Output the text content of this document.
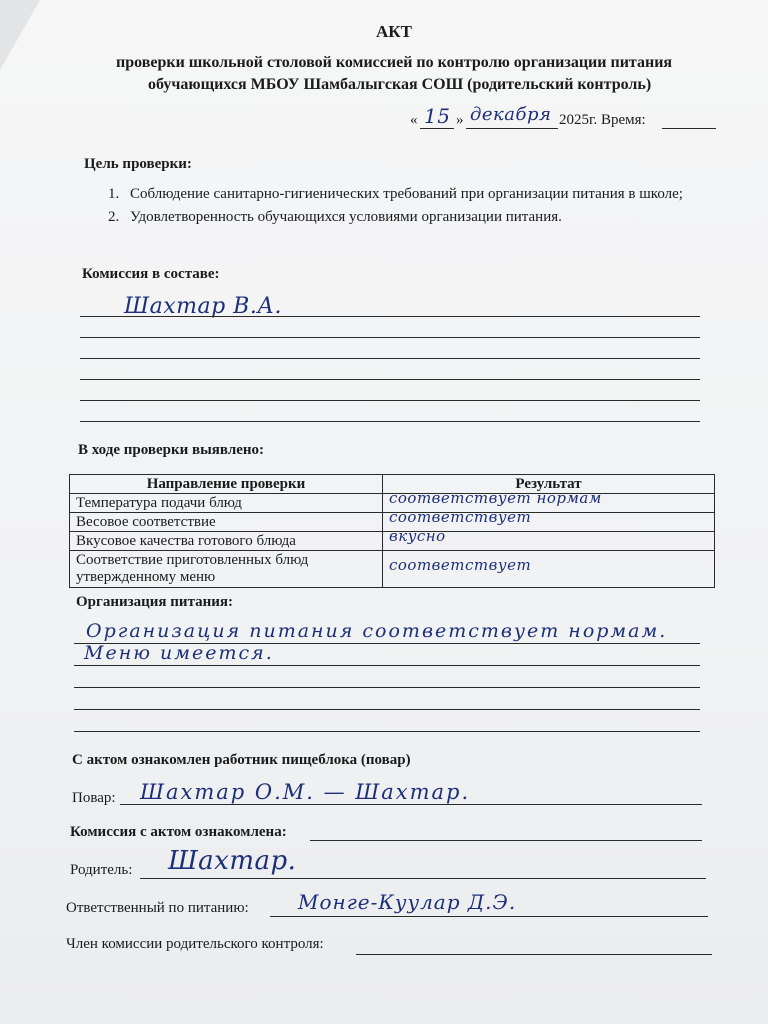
АКТ
проверки школьной столовой комиссией по контролю организации питания
обучающихся МБОУ Шамбалыгская СОШ (родительский контроль)
« 15 » декабря 2025г. Время:
Цель проверки:
1. Соблюдение санитарно-гигиенических требований при организации питания в школе;
2. Удовлетворенность обучающихся условиями организации питания.
Комиссия в составе:
Шахтар В.А.
В ходе проверки выявлено:
Направление проверки	Результат
Температура подачи блюд	соответствует нормам

Весовое соответствие	соответствует

Вкусовое качества готового блюда	вкусно

Соответствие приготовленных блюд
утвержденному меню	соответствует
Организация питания:
Организация питания соответствует нормам.
Меню имеется.
С актом ознакомлен работник пищеблока (повар)
Повар: Шахтар О.М. — Шахтар.
Комиссия с актом ознакомлена:
Родитель: Шахтар.
Ответственный по питанию: Монге-Куулар Д.Э.
Член комиссии родительского контроля:
